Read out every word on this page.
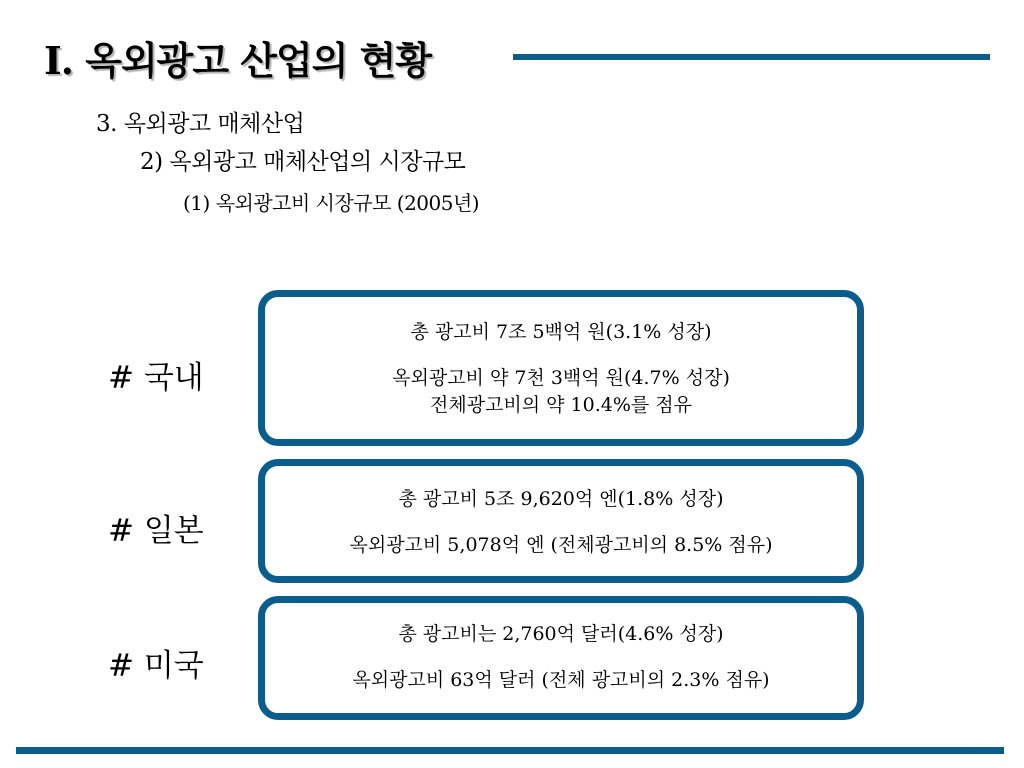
I. 옥외광고 산업의 현황
3. 옥외광고 매체산업
2) 옥외광고 매체산업의 시장규모
(1) 옥외광고비 시장규모 (2005년)
# 국내

총 광고비 7조 5백억 원(3.1% 성장)

옥외광고비 약 7천 3백억 원(4.7% 성장)

전체광고비의 약 10.4%를 점유

# 일본

총 광고비 5조 9,620억 엔(1.8% 성장)

옥외광고비 5,078억 엔 (전체광고비의 8.5% 점유)

# 미국

총 광고비는 2,760억 달러(4.6% 성장)

옥외광고비 63억 달러 (전체 광고비의 2.3% 점유)
